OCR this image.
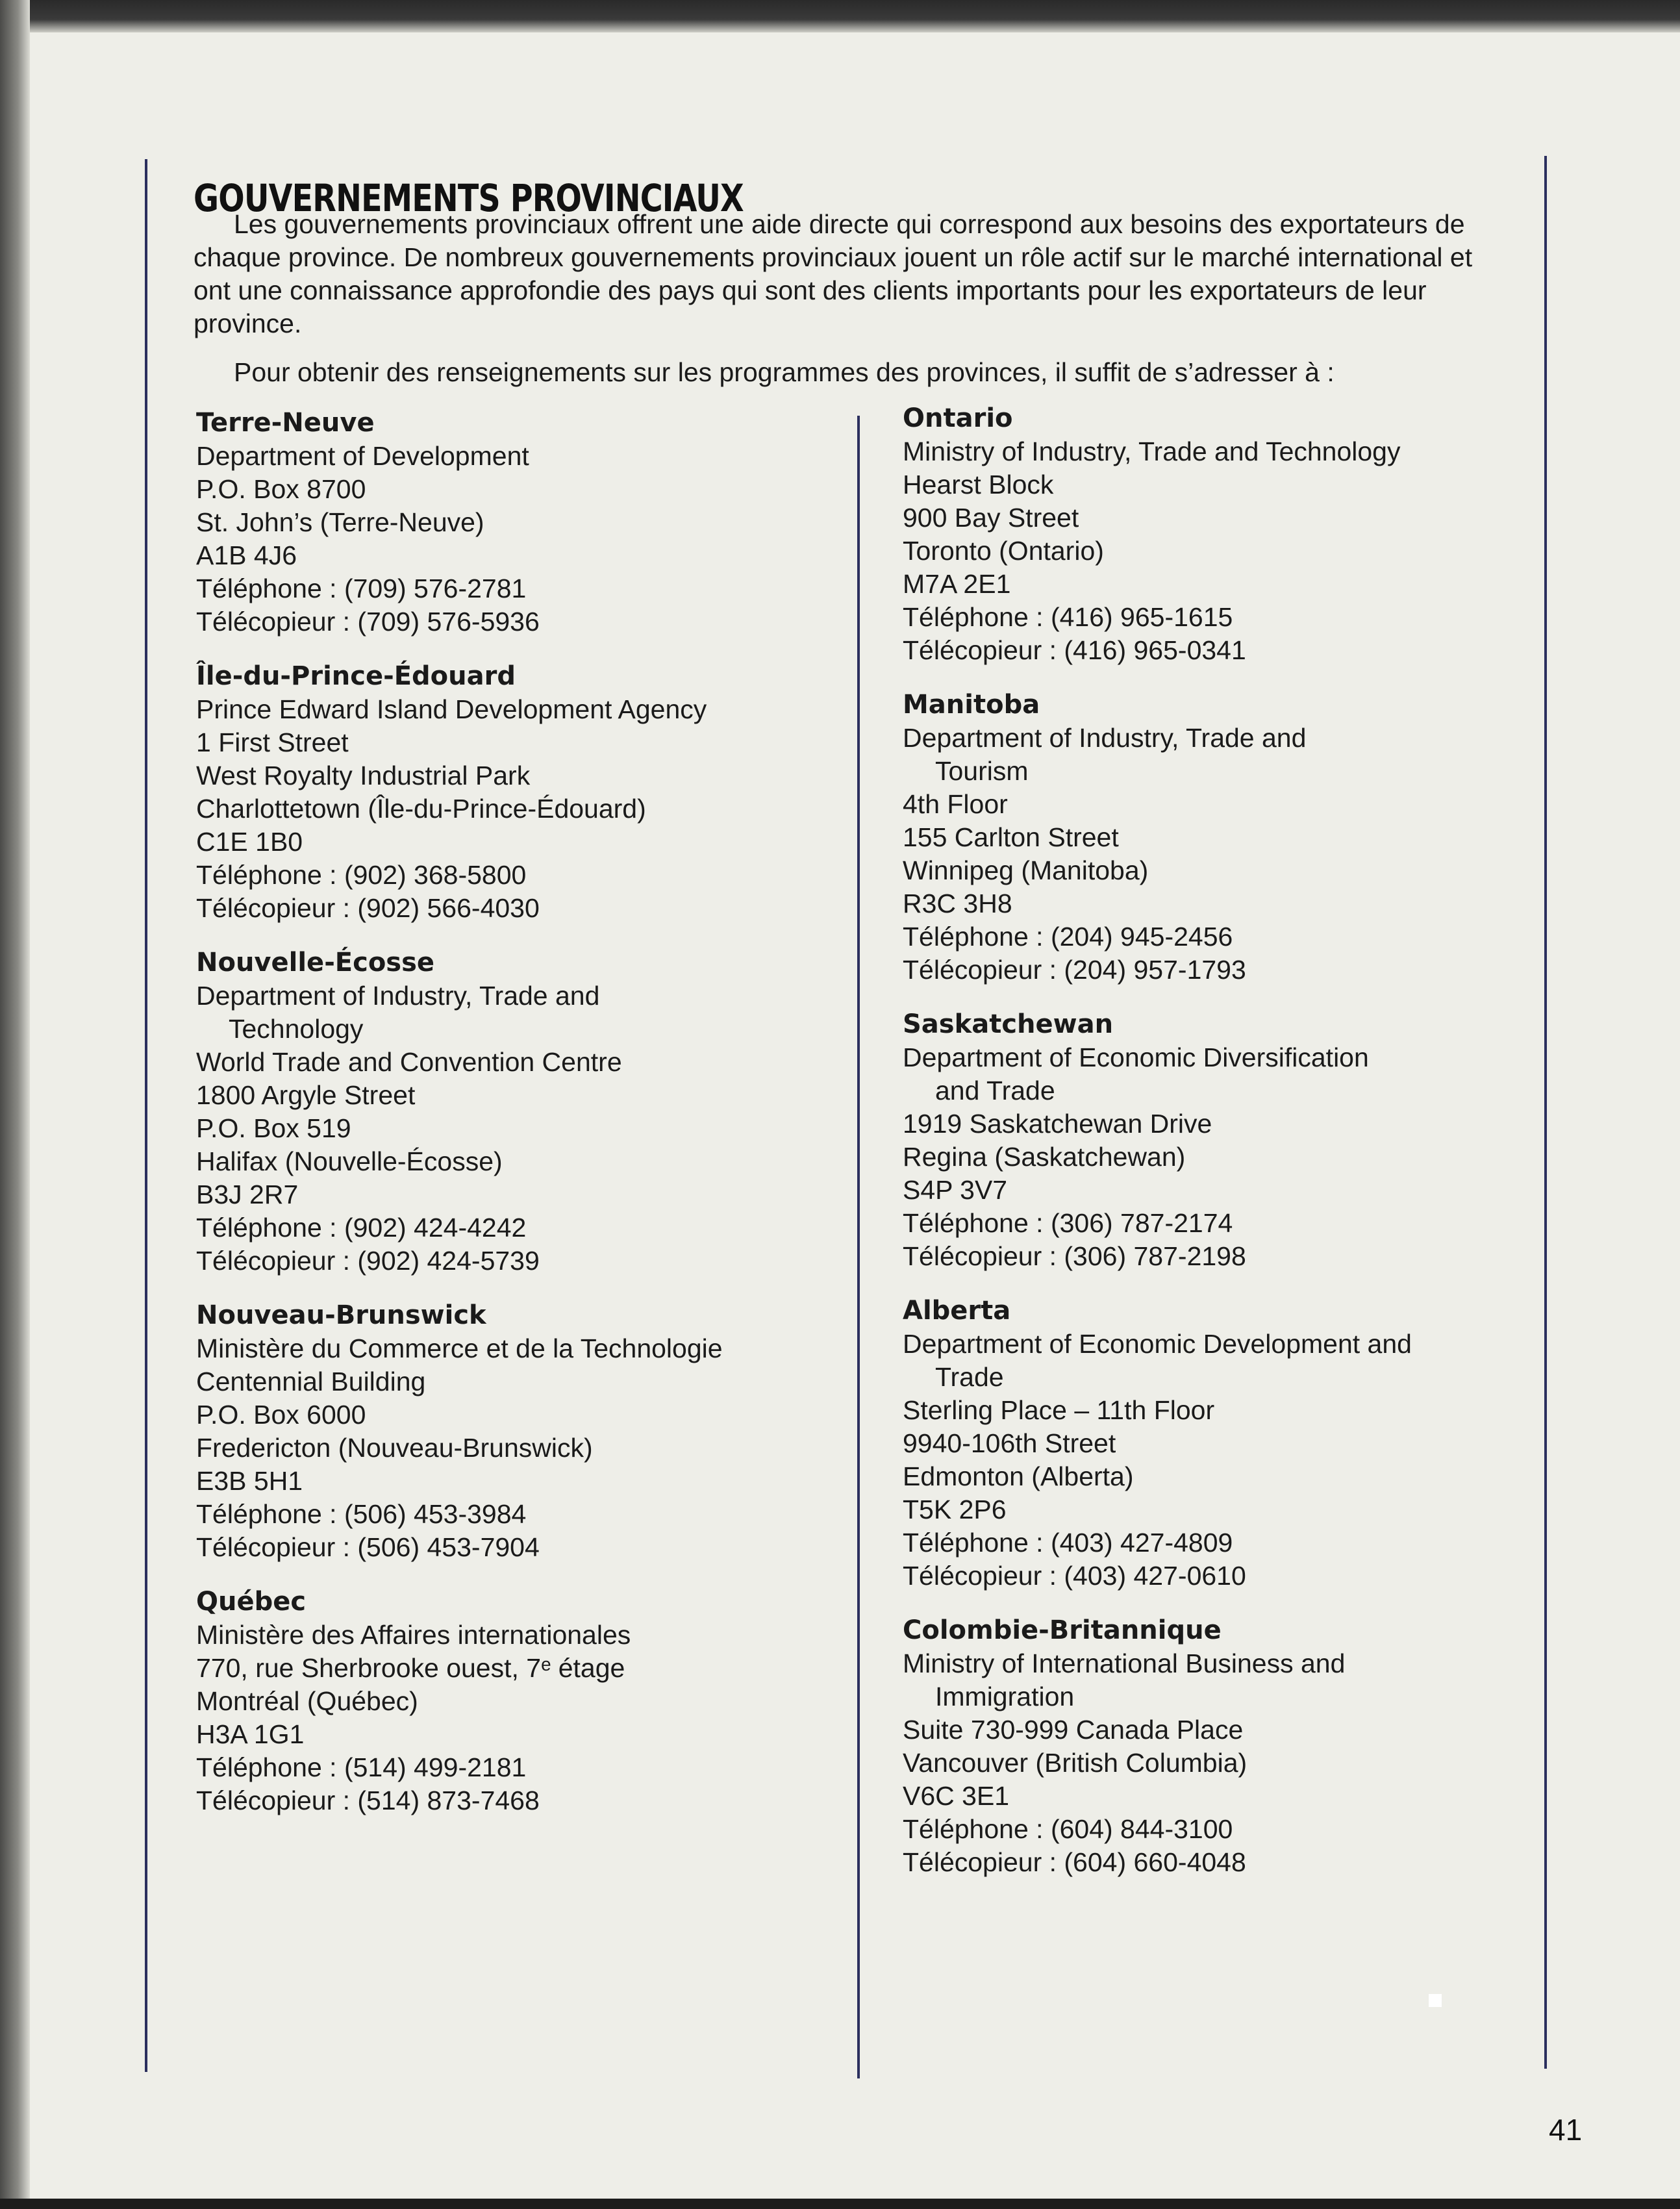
GOUVERNEMENTS PROVINCIAUX

Les gouvernements provinciaux offrent une aide directe qui correspond aux besoins des exportateurs de chaque province. De nombreux gouvernements provinciaux jouent un rôle actif sur le marché international et ont une connaissance approfondie des pays qui sont des clients importants pour les exportateurs de leur province.

Pour obtenir des renseignements sur les programmes des provinces, il suffit de s’adresser à :

Terre-Neuve
Department of Development
P.O. Box 8700
St. John’s (Terre-Neuve)
A1B 4J6
Téléphone : (709) 576-2781
Télécopieur : (709) 576-5936
Île-du-Prince-Édouard
Prince Edward Island Development Agency
1 First Street
West Royalty Industrial Park
Charlottetown (Île-du-Prince-Édouard)
C1E 1B0
Téléphone : (902) 368-5800
Télécopieur : (902) 566-4030
Nouvelle-Écosse
Department of Industry, Trade and
Technology
World Trade and Convention Centre
1800 Argyle Street
P.O. Box 519
Halifax (Nouvelle-Écosse)
B3J 2R7
Téléphone : (902) 424-4242
Télécopieur : (902) 424-5739
Nouveau-Brunswick
Ministère du Commerce et de la Technologie
Centennial Building
P.O. Box 6000
Fredericton (Nouveau-Brunswick)
E3B 5H1
Téléphone : (506) 453-3984
Télécopieur : (506) 453-7904
Québec
Ministère des Affaires internationales
770, rue Sherbrooke ouest, 7ᵉ étage
Montréal (Québec)
H3A 1G1
Téléphone : (514) 499-2181
Télécopieur : (514) 873-7468
Ontario
Ministry of Industry, Trade and Technology
Hearst Block
900 Bay Street
Toronto (Ontario)
M7A 2E1
Téléphone : (416) 965-1615
Télécopieur : (416) 965-0341
Manitoba
Department of Industry, Trade and
Tourism
4th Floor
155 Carlton Street
Winnipeg (Manitoba)
R3C 3H8
Téléphone : (204) 945-2456
Télécopieur : (204) 957-1793
Saskatchewan
Department of Economic Diversification
and Trade
1919 Saskatchewan Drive
Regina (Saskatchewan)
S4P 3V7
Téléphone : (306) 787-2174
Télécopieur : (306) 787-2198
Alberta
Department of Economic Development and
Trade
Sterling Place – 11th Floor
9940-106th Street
Edmonton (Alberta)
T5K 2P6
Téléphone : (403) 427-4809
Télécopieur : (403) 427-0610
Colombie-Britannique
Ministry of International Business and
Immigration
Suite 730-999 Canada Place
Vancouver (British Columbia)
V6C 3E1
Téléphone : (604) 844-3100
Télécopieur : (604) 660-4048
41
